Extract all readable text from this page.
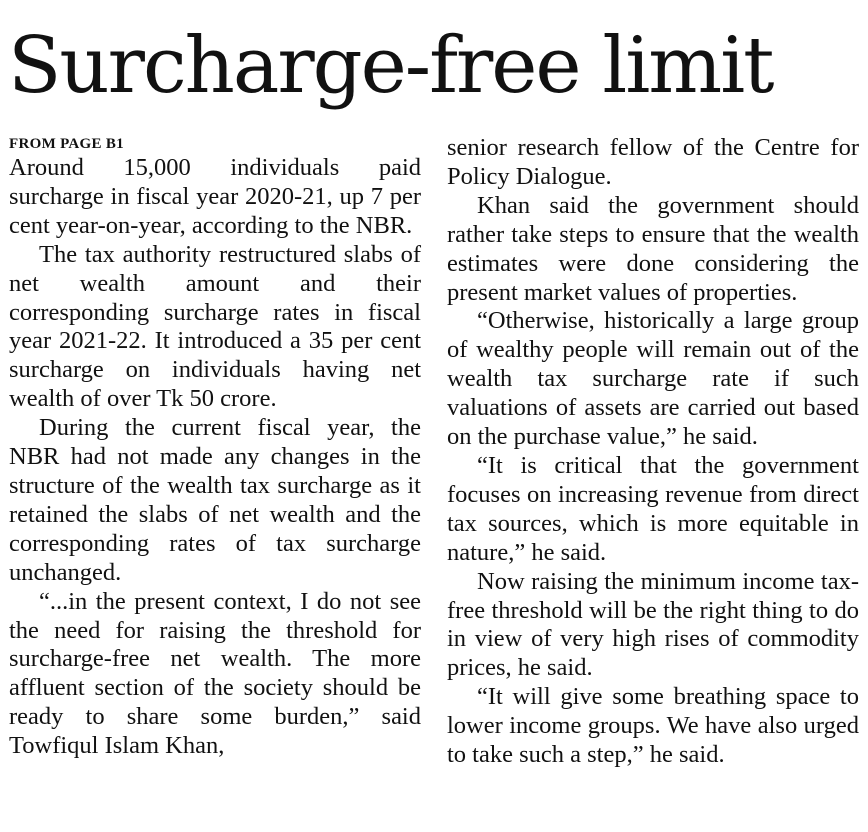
Surcharge-free limit
FROM PAGE B1

Around 15,000 individuals paid surcharge in fiscal year 2020-21, up 7 per cent year-on-year, according to the NBR.

The tax authority restructured slabs of net wealth amount and their corresponding surcharge rates in fiscal year 2021-22. It introduced a 35 per cent surcharge on individuals having net wealth of over Tk 50 crore.

During the current fiscal year, the NBR had not made any changes in the structure of the wealth tax surcharge as it retained the slabs of net wealth and the corresponding rates of tax surcharge unchanged.

“...in the present context, I do not see the need for raising the threshold for surcharge-free net wealth. The more affluent section of the society should be ready to share some burden,” said Towfiqul Islam Khan,

senior research fellow of the Centre for Policy Dialogue.

Khan said the government should rather take steps to ensure that the wealth estimates were done considering the present market values of properties.

“Otherwise, historically a large group of wealthy people will remain out of the wealth tax surcharge rate if such valuations of assets are carried out based on the purchase value,” he said.

“It is critical that the government focuses on increasing revenue from direct tax sources, which is more equitable in nature,” he said.

Now raising the minimum income tax-free threshold will be the right thing to do in view of very high rises of commodity prices, he said.

“It will give some breathing space to lower income groups. We have also urged to take such a step,” he said.
